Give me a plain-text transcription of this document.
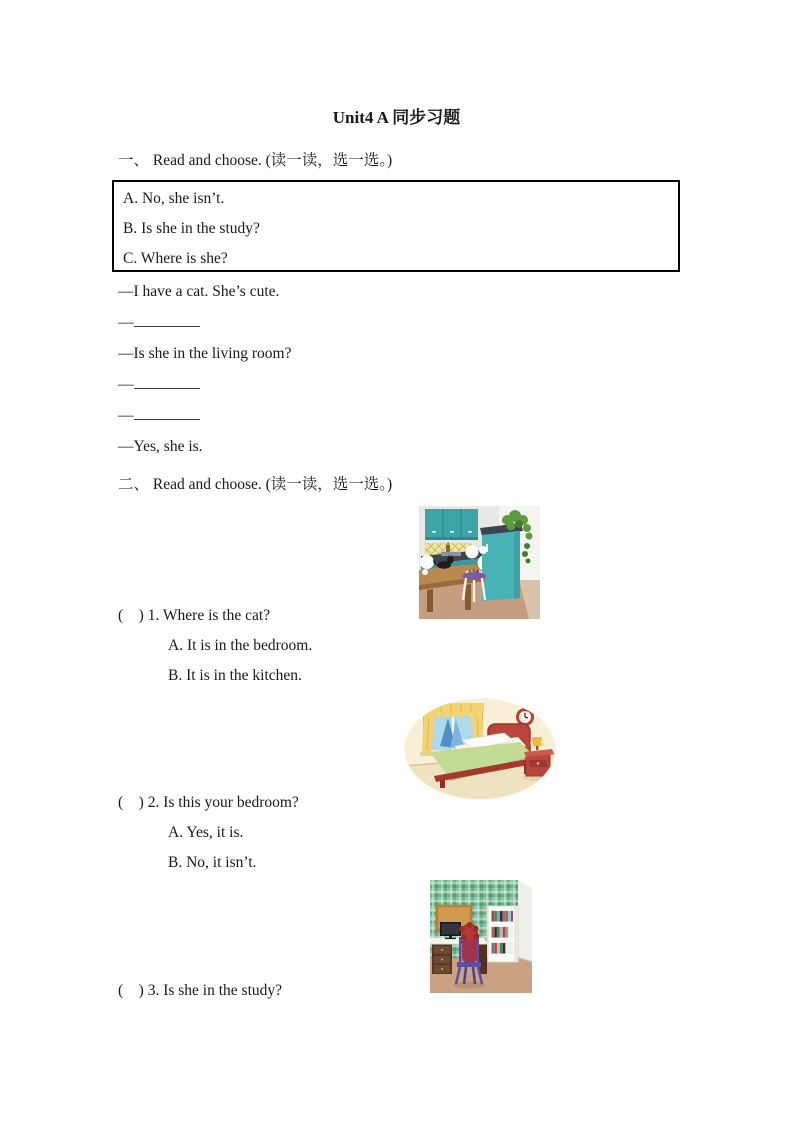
Unit4 A 同步习题
一、 Read and choose. (读一读，选一选。)
A. No, she isn’t.
B. Is she in the study?
C. Where is she?
—I have a cat. She’s cute.
—
—Is she in the living room?
—
—
—Yes, she is.
二、 Read and choose. (读一读，选一选。)
(　) 1. Where is the cat?
A. It is in the bedroom.
B. It is in the kitchen.
(　) 2. Is this your bedroom?
A. Yes, it is.
B. No, it isn’t.
(　) 3. Is she in the study?
